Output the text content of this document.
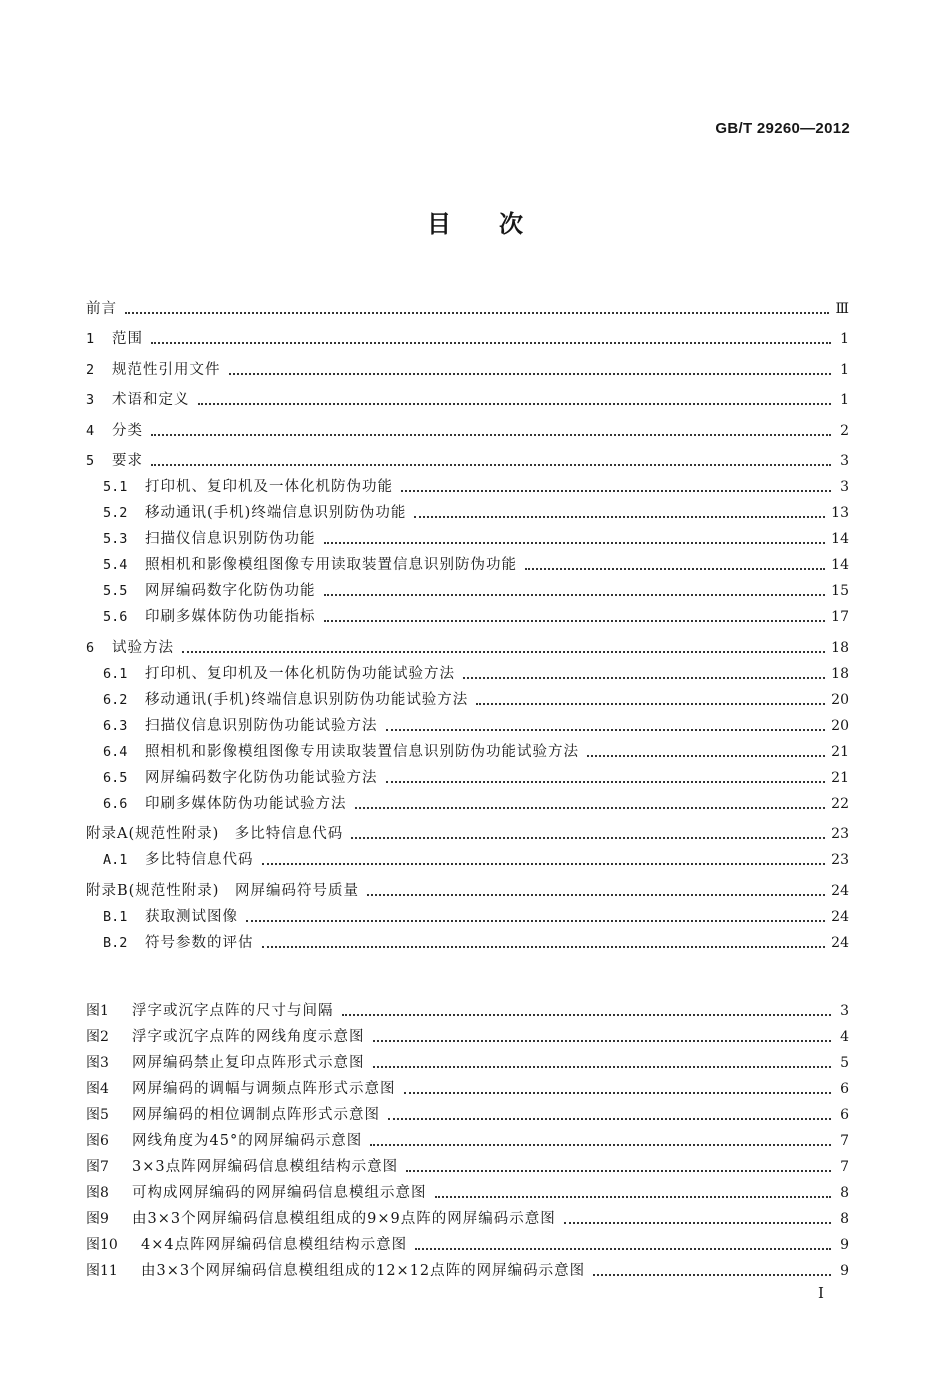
GB/T 29260—2012
目次
前言	Ⅲ
1	范围	1
2	规范性引用文件	1
3	术语和定义	1
4	分类	2
5	要求	3
5.1	打印机、复印机及一体化机防伪功能	3
5.2	移动通讯(手机)终端信息识别防伪功能	13
5.3	扫描仪信息识别防伪功能	14
5.4	照相机和影像模组图像专用读取装置信息识别防伪功能	14
5.5	网屏编码数字化防伪功能	15
5.6	印刷多媒体防伪功能指标	17
6	试验方法	18
6.1	打印机、复印机及一体化机防伪功能试验方法	18
6.2	移动通讯(手机)终端信息识别防伪功能试验方法	20
6.3	扫描仪信息识别防伪功能试验方法	20
6.4	照相机和影像模组图像专用读取装置信息识别防伪功能试验方法	21
6.5	网屏编码数字化防伪功能试验方法	21
6.6	印刷多媒体防伪功能试验方法	22
附录A(规范性附录)　多比特信息代码	23
A.1	多比特信息代码	23
附录B(规范性附录)　网屏编码符号质量	24
B.1	获取测试图像	24
B.2	符号参数的评估	24
图1	浮字或沉字点阵的尺寸与间隔	3
图2	浮字或沉字点阵的网线角度示意图	4
图3	网屏编码禁止复印点阵形式示意图	5
图4	网屏编码的调幅与调频点阵形式示意图	6
图5	网屏编码的相位调制点阵形式示意图	6
图6	网线角度为45°的网屏编码示意图	7
图7	3×3点阵网屏编码信息模组结构示意图	7
图8	可构成网屏编码的网屏编码信息模组示意图	8
图9	由3×3个网屏编码信息模组组成的9×9点阵的网屏编码示意图	8
图10	4×4点阵网屏编码信息模组结构示意图	9
图11	由3×3个网屏编码信息模组组成的12×12点阵的网屏编码示意图	9
I
